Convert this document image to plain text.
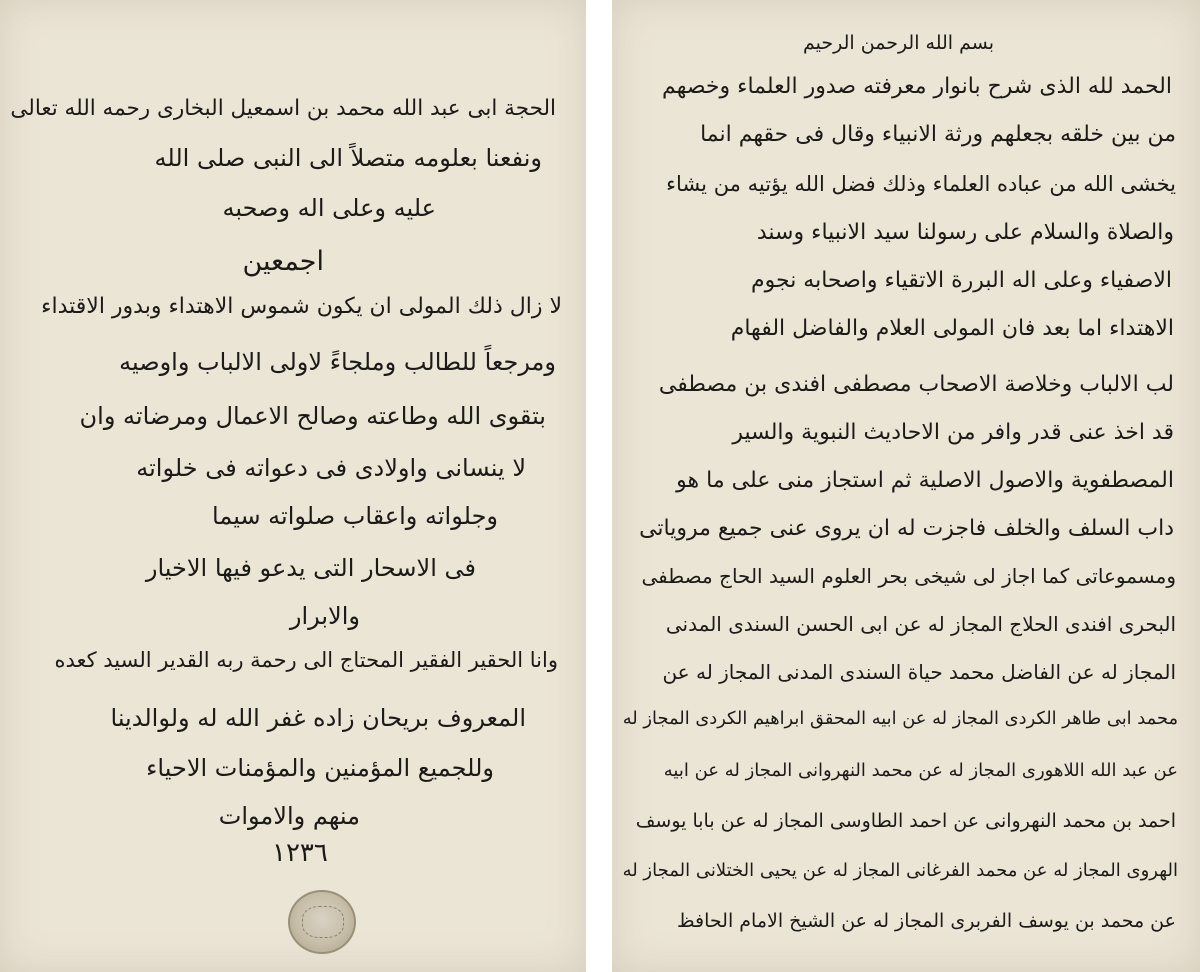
الحجة ابى عبد الله محمد بن اسمعيل البخارى رحمه الله تعالى
ونفعنا بعلومه متصلاً الى النبى صلى الله
عليه وعلى اله وصحبه
اجمعين
لا زال ذلك المولى ان يكون شموس الاهتداء وبدور الاقتداء
ومرجعاً للطالب وملجاءً لاولى الالباب واوصيه
بتقوى الله وطاعته وصالح الاعمال ومرضاته وان
لا ينسانى واولادى فى دعواته فى خلواته
وجلواته واعقاب صلواته سيما
فى الاسحار التى يدعو فيها الاخيار
والابرار
وانا الحقير الفقير المحتاج الى رحمة ربه القدير السيد كعده
المعروف بريحان زاده غفر الله له ولوالدينا
وللجميع المؤمنين والمؤمنات الاحياء
منهم والاموات
١٢٣٦
بسم الله الرحمن الرحيم
الحمد لله الذى شرح بانوار معرفته صدور العلماء وخصهم
من بين خلقه بجعلهم ورثة الانبياء وقال فى حقهم انما
يخشى الله من عباده العلماء وذلك فضل الله يؤتيه من يشاء
والصلاة والسلام على رسولنا سيد الانبياء وسند
الاصفياء وعلى اله البررة الاتقياء واصحابه نجوم
الاهتداء اما بعد فان المولى العلام والفاضل الفهام
لب الالباب وخلاصة الاصحاب مصطفى افندى بن مصطفى
قد اخذ عنى قدر وافر من الاحاديث النبوية والسير
المصطفوية والاصول الاصلية ثم استجاز منى على ما هو
داب السلف والخلف فاجزت له ان يروى عنى جميع مروياتى
ومسموعاتى كما اجاز لى شيخى بحر العلوم السيد الحاج مصطفى
البحرى افندى الحلاج المجاز له عن ابى الحسن السندى المدنى
المجاز له عن الفاضل محمد حياة السندى المدنى المجاز له عن
محمد ابى طاهر الكردى المجاز له عن ابيه المحقق ابراهيم الكردى المجاز له
عن عبد الله اللاهورى المجاز له عن محمد النهروانى المجاز له عن ابيه
احمد بن محمد النهروانى عن احمد الطاوسى المجاز له عن بابا يوسف
الهروى المجاز له عن محمد الفرغانى المجاز له عن يحيى الختلانى المجاز له
عن محمد بن يوسف الفربرى المجاز له عن الشيخ الامام الحافظ
